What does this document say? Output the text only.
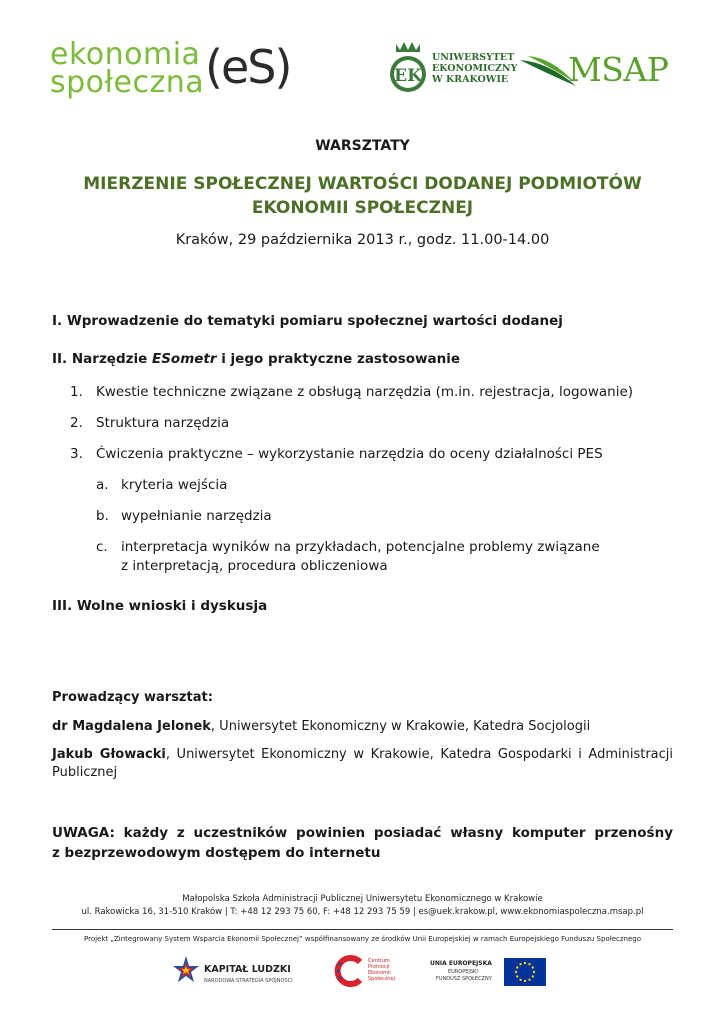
ekonomia
społeczna (eS)	EK
UNIWERSYTET
EKONOMICZNY
W KRAKOWIE MSAP
WARSZTATY
MIERZENIE SPOŁECZNEJ WARTOŚCI DODANEJ PODMIOTÓW
EKONOMII SPOŁECZNEJ
Kraków, 29 października 2013 r., godz. 11.00-14.00
I. Wprowadzenie do tematyki pomiaru społecznej wartości dodanej
II. Narzędzie ESometr i jego praktyczne zastosowanie
1. Kwestie techniczne związane z obsługą narzędzia (m.in. rejestracja, logowanie)
2. Struktura narzędzia
3. Ćwiczenia praktyczne – wykorzystanie narzędzia do oceny działalności PES
a. kryteria wejścia
b. wypełnianie narzędzia
c. interpretacja wyników na przykładach, potencjalne problemy związane
z interpretacją, procedura obliczeniowa
III. Wolne wnioski i dyskusja
Prowadzący warsztat:
dr Magdalena Jelonek, Uniwersytet Ekonomiczny w Krakowie, Katedra Socjologii
Jakub Głowacki, Uniwersytet Ekonomiczny w Krakowie, Katedra Gospodarki i Administracji
Publicznej
UWAGA: każdy z uczestników powinien posiadać własny komputer przenośny
z bezprzewodowym dostępem do internetu
Małopolska Szkoła Administracji Publicznej Uniwersytetu Ekonomicznego w Krakowie
ul. Rakowicka 16, 31-510 Kraków | T: +48 12 293 75 60, F: +48 12 293 75 59 | es@uek.krakow.pl, www.ekonomiaspoleczna.msap.pl
Projekt „Zintegrowany System Wsparcia Ekonomii Społecznej” współfinansowany ze środków Unii Europejskiej w ramach Europejskiego Funduszu Społecznego
KAPITAŁ LUDZKI
NARODOWA STRATEGIA SPÓJNOŚCI
Centrum
Promocji
Ekonomii
Społecznej
UNIA EUROPEJSKA
EUROPEJSKI
FUNDUSZ SPOŁECZNY
